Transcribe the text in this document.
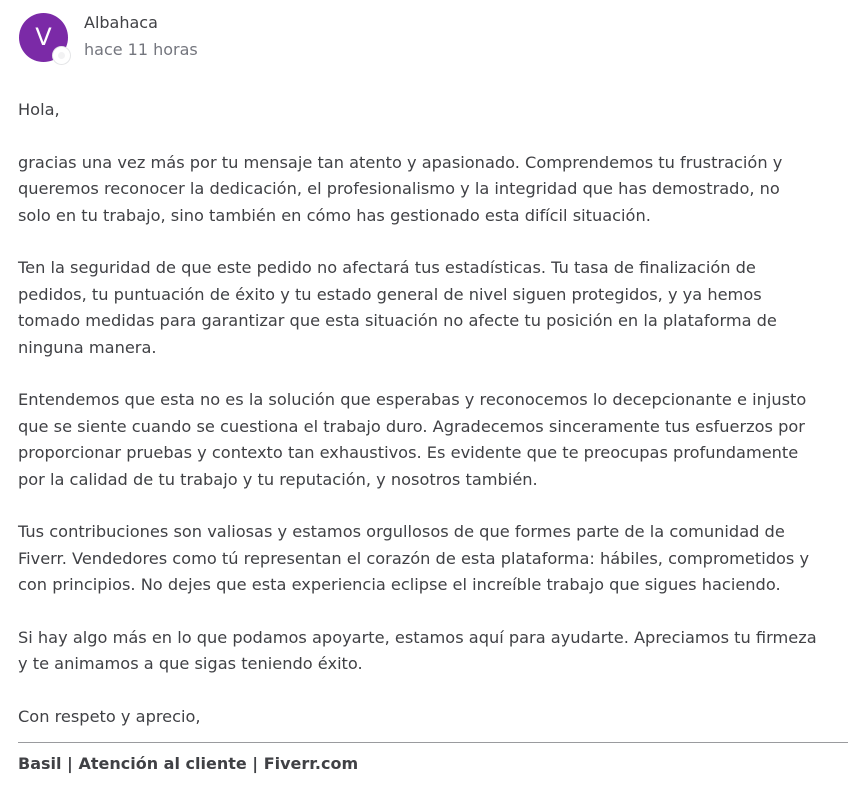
V
Albahaca
hace 11 horas

Hola,

gracias una vez más por tu mensaje tan atento y apasionado. Comprendemos tu frustración y
queremos reconocer la dedicación, el profesionalismo y la integridad que has demostrado, no
solo en tu trabajo, sino también en cómo has gestionado esta difícil situación.

Ten la seguridad de que este pedido no afectará tus estadísticas. Tu tasa de finalización de
pedidos, tu puntuación de éxito y tu estado general de nivel siguen protegidos, y ya hemos
tomado medidas para garantizar que esta situación no afecte tu posición en la plataforma de
ninguna manera.

Entendemos que esta no es la solución que esperabas y reconocemos lo decepcionante e injusto
que se siente cuando se cuestiona el trabajo duro. Agradecemos sinceramente tus esfuerzos por
proporcionar pruebas y contexto tan exhaustivos. Es evidente que te preocupas profundamente
por la calidad de tu trabajo y tu reputación, y nosotros también.

Tus contribuciones son valiosas y estamos orgullosos de que formes parte de la comunidad de
Fiverr. Vendedores como tú representan el corazón de esta plataforma: hábiles, comprometidos y
con principios. No dejes que esta experiencia eclipse el increíble trabajo que sigues haciendo.

Si hay algo más en lo que podamos apoyarte, estamos aquí para ayudarte. Apreciamos tu firmeza
y te animamos a que sigas teniendo éxito.

Con respeto y aprecio,

Basil | Atención al cliente | Fiverr.com
